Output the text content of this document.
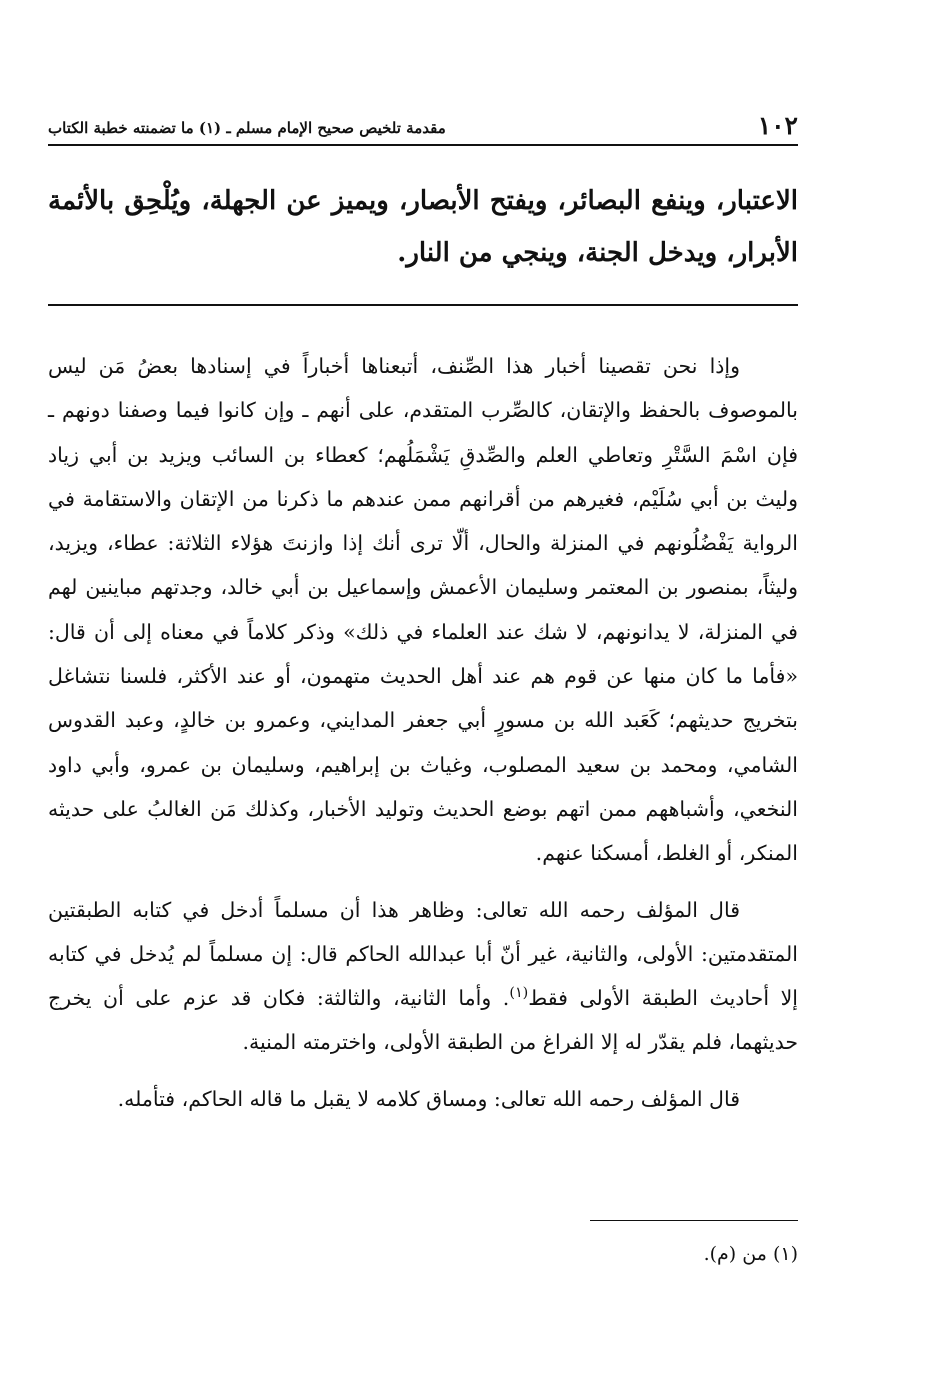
١٠٢
مقدمة تلخيص صحيح الإمام مسلم ـ (١) ما تضمنته خطبة الكتاب

الاعتبار، وينفع البصائر، ويفتح الأبصار، ويميز عن الجهلة، ويُلْحِق بالأئمة الأبرار، ويدخل الجنة، وينجي من النار.

وإذا نحن تقصينا أخبار هذا الصِّنف، أتبعناها أخباراً في إسنادها بعضُ مَن ليس بالموصوف بالحفظ والإتقان، كالصِّرب المتقدم، على أنهم ـ وإن كانوا فيما وصفنا دونهم ـ فإن اسْمَ السَّتْرِ وتعاطي العلم والصِّدقِ يَشْمَلُهم؛ كعطاء بن السائب ويزيد بن أبي زياد وليث بن أبي سُلَيْم، فغيرهم من أقرانهم ممن عندهم ما ذكرنا من الإتقان والاستقامة في الرواية يَفْضُلُونهم في المنزلة والحال، ألّا ترى أنك إذا وازنتَ هؤلاء الثلاثة: عطاء، ويزيد، وليثاً، بمنصور بن المعتمر وسليمان الأعمش وإسماعيل بن أبي خالد، وجدتهم مباينين لهم في المنزلة، لا يدانونهم، لا شك عند العلماء في ذلك» وذكر كلاماً في معناه إلى أن قال: «فأما ما كان منها عن قوم هم عند أهل الحديث متهمون، أو عند الأكثر، فلسنا نتشاغل بتخريج حديثهم؛ كَعَبد الله بن مسورٍ أبي جعفر المدايني، وعمرو بن خالدٍ، وعبد القدوس الشامي، ومحمد بن سعيد المصلوب، وغياث بن إبراهيم، وسليمان بن عمرو، وأبي داود النخعي، وأشباههم ممن اتهم بوضع الحديث وتوليد الأخبار، وكذلك مَن الغالبُ على حديثه المنكر، أو الغلط، أمسكنا عنهم.

قال المؤلف رحمه الله تعالى: وظاهر هذا أن مسلماً أدخل في كتابه الطبقتين المتقدمتين: الأولى، والثانية، غير أنّ أبا عبدالله الحاكم قال: إن مسلماً لم يُدخل في كتابه إلا أحاديث الطبقة الأولى فقط$^{(١)}$. وأما الثانية، والثالثة: فكان قد عزم على أن يخرج حديثهما، فلم يقدّر له إلا الفراغ من الطبقة الأولى، واخترمته المنية.

قال المؤلف رحمه الله تعالى: ومساق كلامه لا يقبل ما قاله الحاكم، فتأمله.

(١) من (م).
